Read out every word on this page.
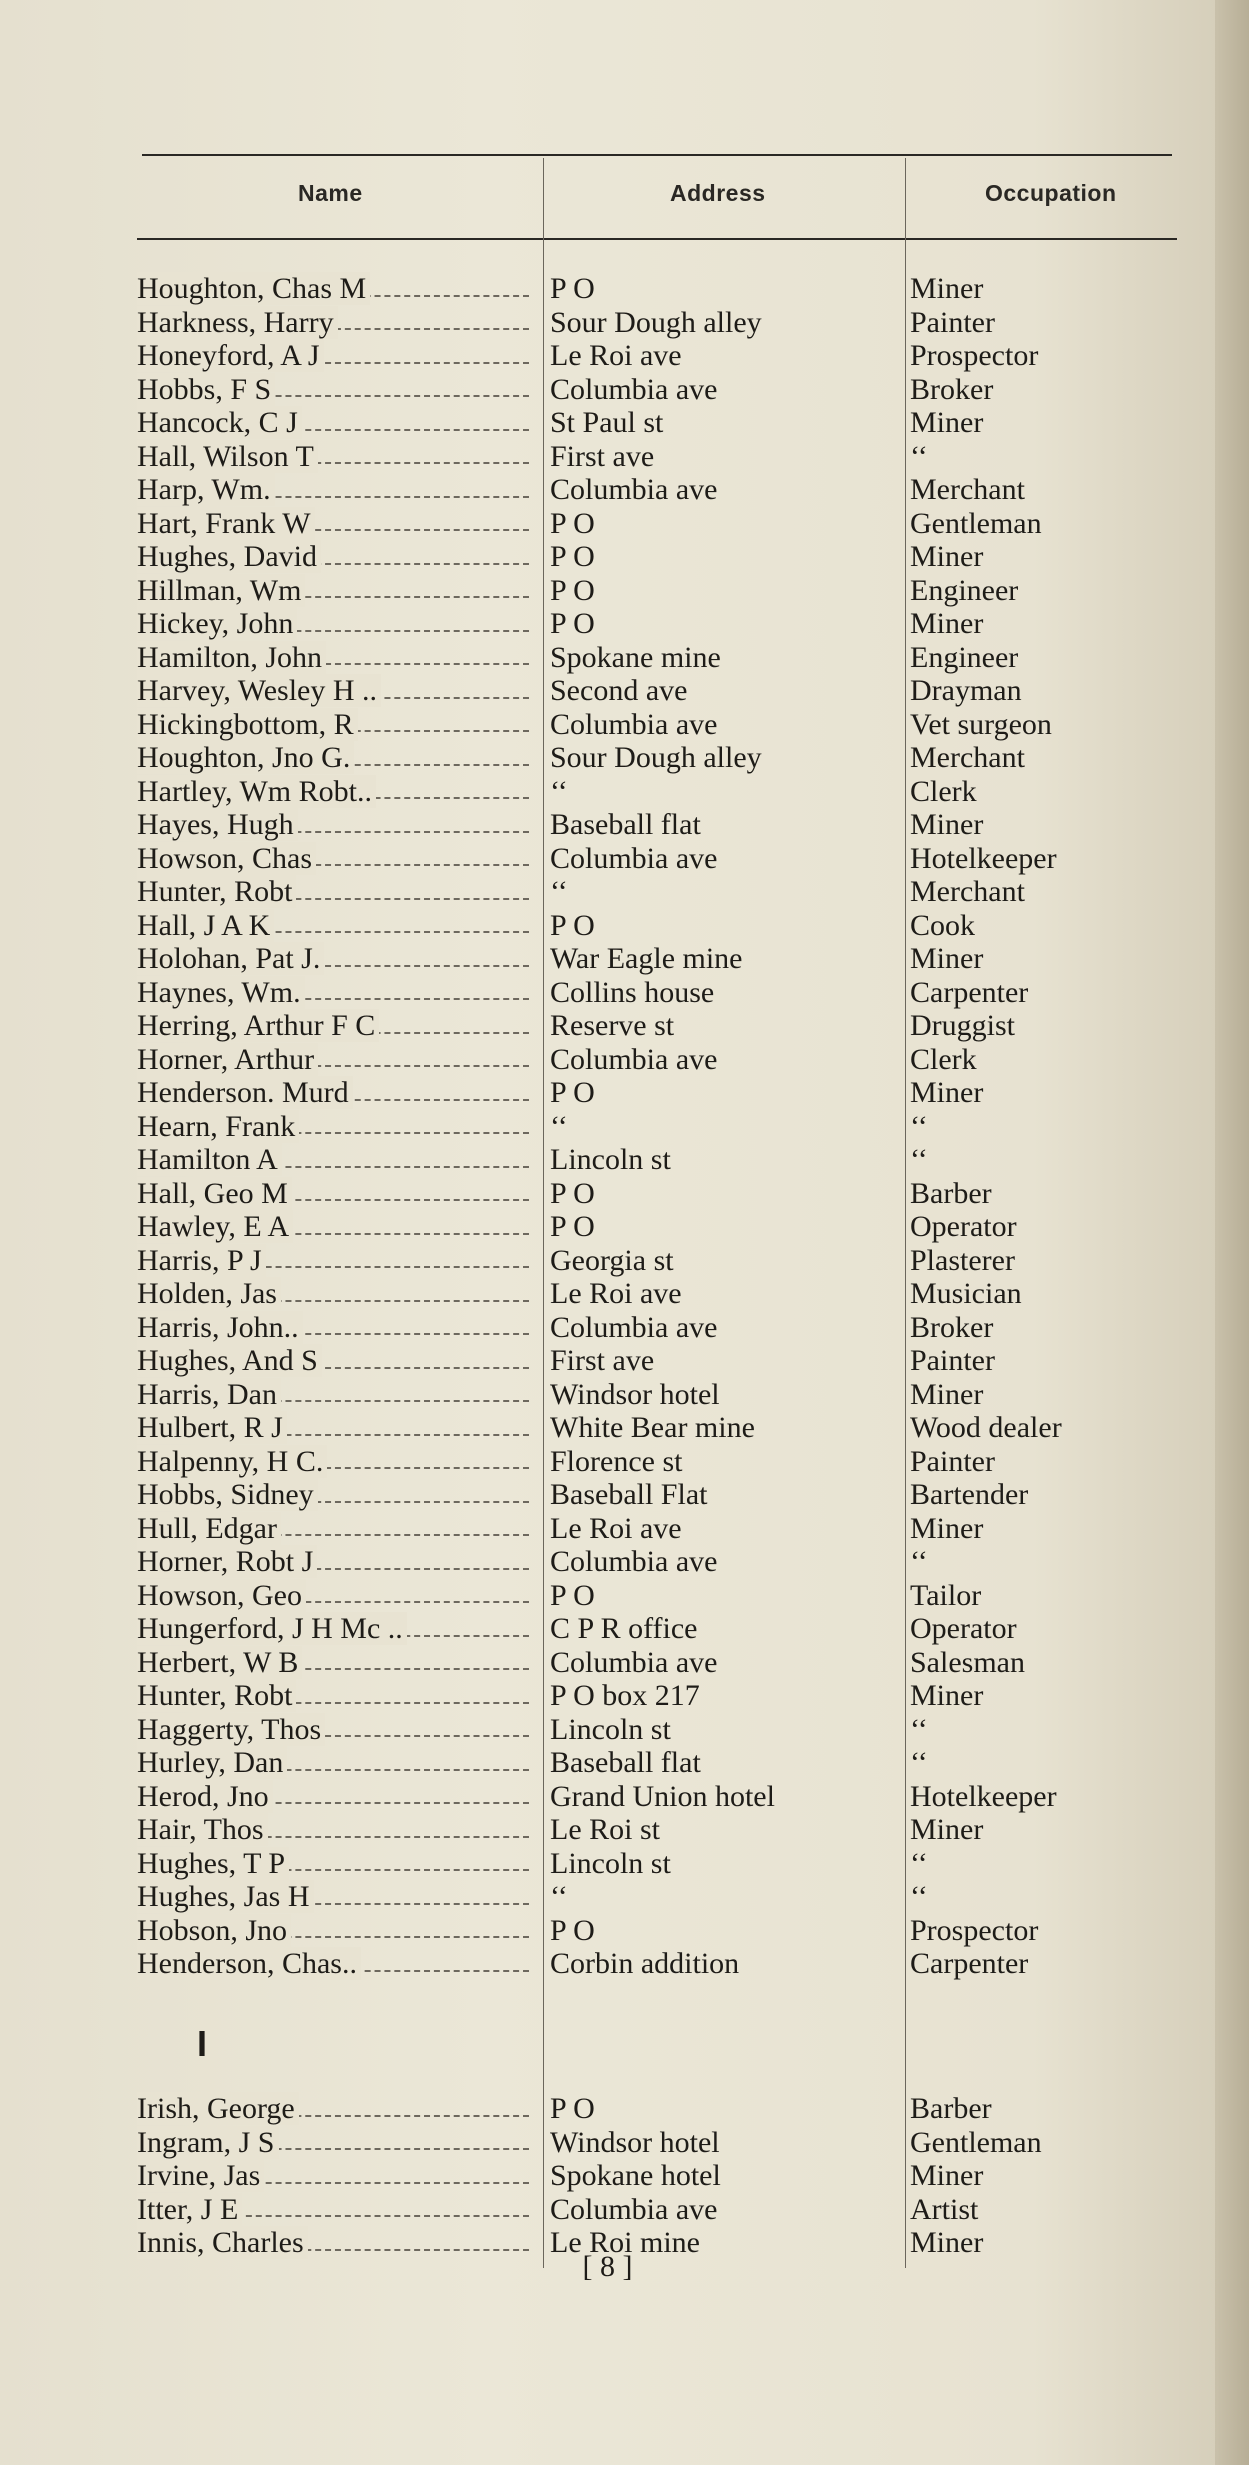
Name	Address	Occupation
Houghton, Chas M	P O	Miner
Harkness, Harry	Sour Dough alley	Painter
Honeyford, A J	Le Roi ave	Prospector
Hobbs, F S	Columbia ave	Broker
Hancock, C J	St Paul st	Miner
Hall, Wilson T	First ave	‘‘
Harp, Wm.	Columbia ave	Merchant
Hart, Frank W	P O	Gentleman
Hughes, David	P O	Miner
Hillman, Wm	P O	Engineer
Hickey, John	P O	Miner
Hamilton, John	Spokane mine	Engineer
Harvey, Wesley H ..	Second ave	Drayman
Hickingbottom, R	Columbia ave	Vet surgeon
Houghton, Jno G.	Sour Dough alley	Merchant
Hartley, Wm Robt..	‘‘	Clerk
Hayes, Hugh	Baseball flat	Miner
Howson, Chas	Columbia ave	Hotelkeeper
Hunter, Robt	‘‘	Merchant
Hall, J A K	P O	Cook
Holohan, Pat J.	War Eagle mine	Miner
Haynes, Wm.	Collins house	Carpenter
Herring, Arthur F C	Reserve st	Druggist
Horner, Arthur	Columbia ave	Clerk
Henderson. Murd	P O	Miner
Hearn, Frank	‘‘	‘‘
Hamilton A	Lincoln st	‘‘
Hall, Geo M	P O	Barber
Hawley, E A	P O	Operator
Harris, P J	Georgia st	Plasterer
Holden, Jas	Le Roi ave	Musician
Harris, John..	Columbia ave	Broker
Hughes, And S	First ave	Painter
Harris, Dan	Windsor hotel	Miner
Hulbert, R J	White Bear mine	Wood dealer
Halpenny, H C.	Florence st	Painter
Hobbs, Sidney	Baseball Flat	Bartender
Hull, Edgar	Le Roi ave	Miner
Horner, Robt J	Columbia ave	‘‘
Howson, Geo	P O	Tailor
Hungerford, J H Mc ..	C P R office	Operator
Herbert, W B	Columbia ave	Salesman
Hunter, Robt	P O box 217	Miner
Haggerty, Thos	Lincoln st	‘‘
Hurley, Dan	Baseball flat	‘‘
Herod, Jno	Grand Union hotel	Hotelkeeper
Hair, Thos	Le Roi st	Miner
Hughes, T P	Lincoln st	‘‘
Hughes, Jas H	‘‘	‘‘
Hobson, Jno	P O	Prospector
Henderson, Chas..	Corbin addition	Carpenter
I
Irish, George	P O	Barber
Ingram, J S	Windsor hotel	Gentleman
Irvine, Jas	Spokane hotel	Miner
Itter, J E	Columbia ave	Artist
Innis, Charles	Le Roi mine	Miner
[ 8 ]
